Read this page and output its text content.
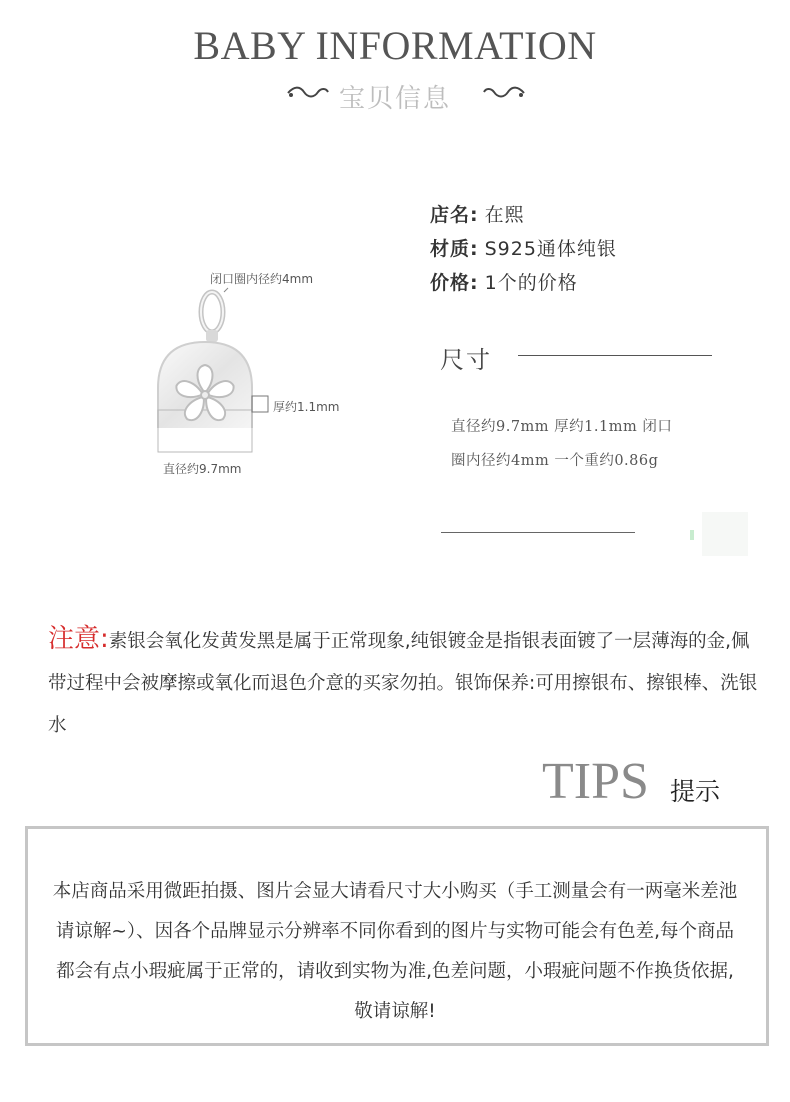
BABY INFORMATION
宝贝信息
闭口圈内径约4mm
厚约1.1mm
直径约9.7mm
店名: 在熙
材质: S925通体纯银
价格: 1个的价格
尺寸
直径约9.7mm 厚约1.1mm 闭口
圈内径约4mm 一个重约0.86g
注意:素银会氧化发黄发黑是属于正常现象,纯银镀金是指银表面镀了一层薄海的金,佩带过程中会被摩擦或氧化而退色介意的买家勿拍。银饰保养:可用擦银布、擦银棒、洗银水
TIPS 提示
本店商品采用微距拍摄、图片会显大请看尺寸大小购买（手工测量会有一两毫米差池请谅解~）、因各个品牌显示分辨率不同你看到的图片与实物可能会有色差,每个商品都会有点小瑕疵属于正常的，请收到实物为准,色差问题，小瑕疵问题不作换货依据,敬请谅解!
